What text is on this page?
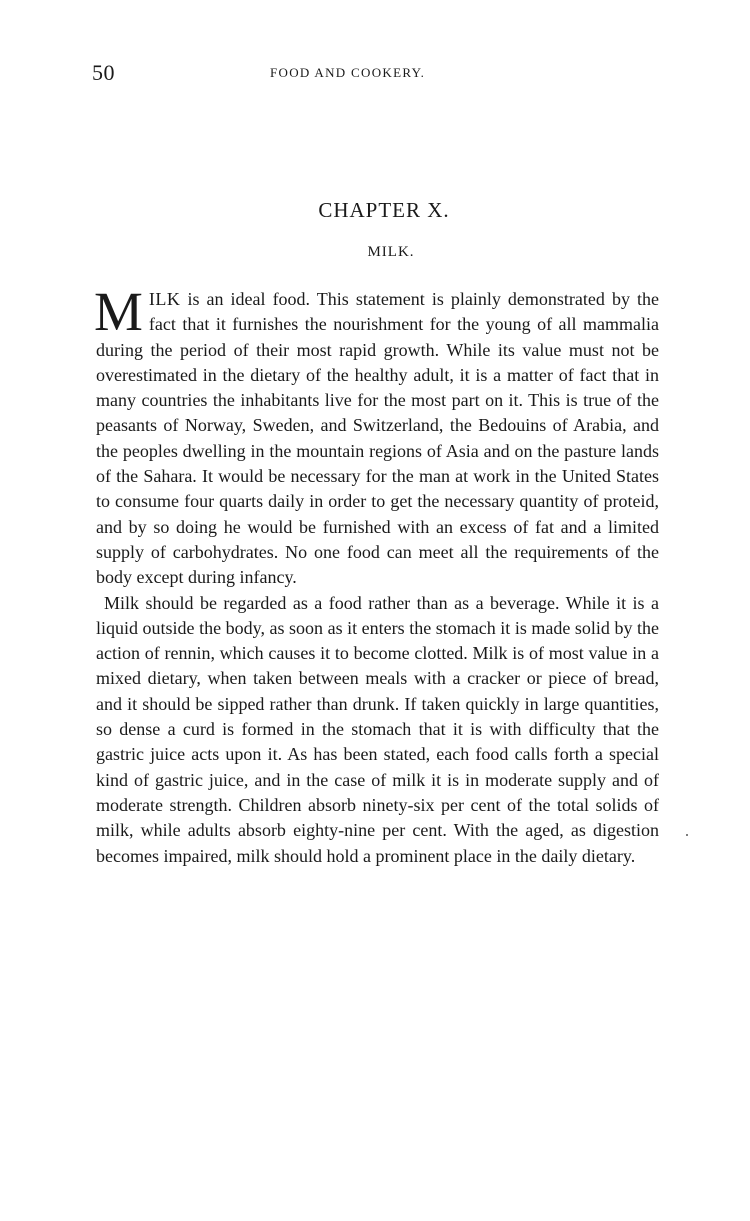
50	FOOD AND COOKERY.
CHAPTER X.
MILK.

MILK is an ideal food. This statement is plainly demonstrated by the fact that it furnishes the nourishment for the young of all mammalia during the period of their most rapid growth. While its value must not be overestimated in the dietary of the healthy adult, it is a matter of fact that in many countries the inhabitants live for the most part on it. This is true of the peasants of Norway, Sweden, and Switzerland, the Bedouins of Arabia, and the peoples dwelling in the mountain regions of Asia and on the pasture lands of the Sahara. It would be necessary for the man at work in the United States to consume four quarts daily in order to get the necessary quantity of proteid, and by so doing he would be furnished with an excess of fat and a limited supply of carbohydrates. No one food can meet all the requirements of the body except during infancy.

Milk should be regarded as a food rather than as a beverage. While it is a liquid outside the body, as soon as it enters the stomach it is made solid by the action of rennin, which causes it to become clotted. Milk is of most value in a mixed dietary, when taken between meals with a cracker or piece of bread, and it should be sipped rather than drunk. If taken quickly in large quantities, so dense a curd is formed in the stomach that it is with difficulty that the gastric juice acts upon it. As has been stated, each food calls forth a special kind of gastric juice, and in the case of milk it is in moderate supply and of moderate strength. Children absorb ninety-six per cent of the total solids of milk, while adults absorb eighty-nine per cent. With the aged, as digestion becomes impaired, milk should hold a prominent place in the daily dietary.
